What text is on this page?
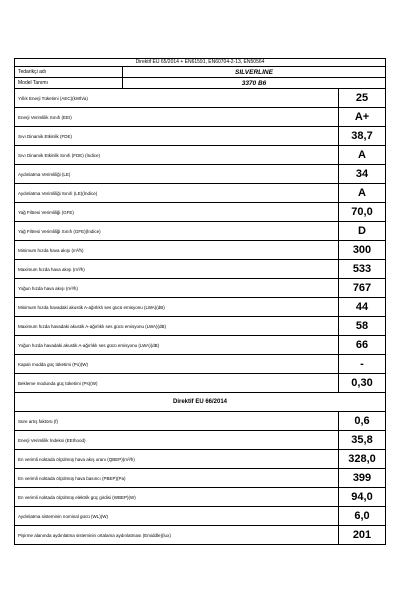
Direktif EU 65/2014 + EN61591, EN60704-2-13, EN50564
Tedarikçi adı	SILVERLINE
Model Tanımı	3370 B6
Yıllık Enerji Tüketimi (AEC)(kWh/a)	25
Enerji Verimlilik Sınıfı (EEI)	A+
Sıvı Dinamik Etkinlik (FDE)	38,7
Sıvı Dinamik Etkinlik Sınıfı (FDE) (İndice)	A
Aydınlatma Verimliliği (LE)	34
Aydınlatma Verimliliği Sınıfı (LE)(İndice)	A
Yağ Filtresi Verimliliği (GFE)	70,0
Yağ Filtresi Verimliliği Sınıfı (GFE)(İndice)	D
Minimum hızda hava akışı (m³/h)	300
Maximum hızda hava akışı (m³/h)	533
Yoğun hızda hava akışı (m³/h)	767
Minimum hızda havadaki akustik A-ağırlıklı ses gücü emisyonu (LWA)(dB)	44
Maximum hızda havadaki akustik A-ağırlıklı ses gücü emisyonu (LWA)(dB)	58
Yoğun hızda havadaki akustik A-ağırlıklı ses gücü emisyonu (LWA)(dB)	66
Kapalı modda güç tüketimi (Po)(W)	-
Bekleme modunda güç tüketimi (Ps)(W)	0,30
Direktif EU 66/2014
Süre artış faktörü (f)	0,6
Enerji Verimlilik İndeksi (EEIhood)	35,8
En verimli noktada ölçülmüş hava akış oranı (QBEP)(m³/h)	328,0
En verimli noktada ölçülmüş hava basıncı (PBEP)(Pa)	399
En verimli noktada ölçülmüş elektrik güç girdisi (WBEP)(W)	94,0
Aydınlatma sisteminin nominal gücü (WL)(W)	6,0
Pişirme alanında aydınlatma sisteminin ortalama aydınlatması (Emiddle)(lux)	201
